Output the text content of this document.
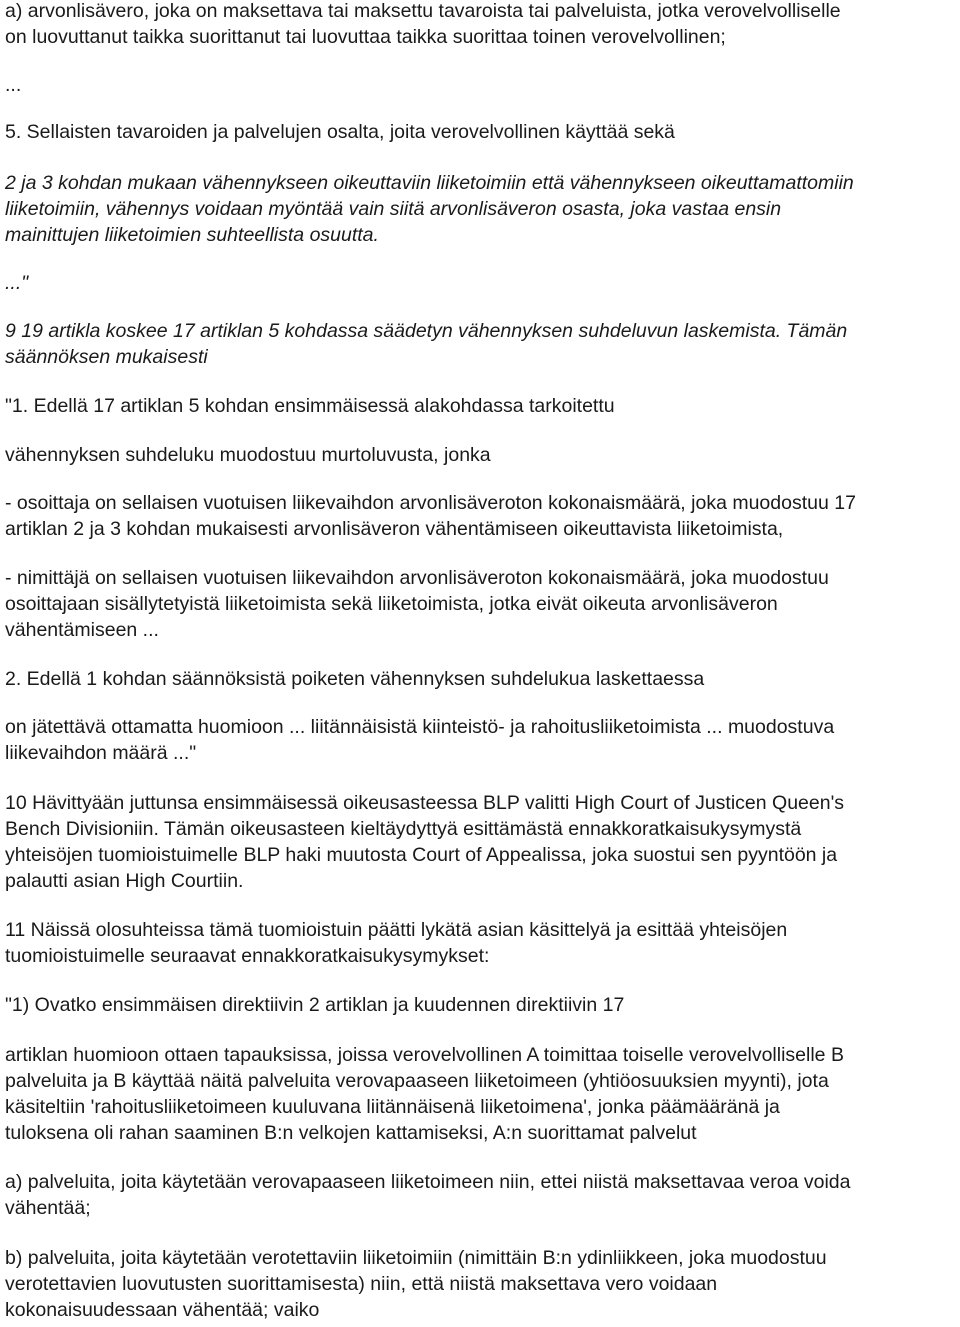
a) arvonlisävero, joka on maksettava tai maksettu tavaroista tai palveluista, jotka verovelvolliselle
on luovuttanut taikka suorittanut tai luovuttaa taikka suorittaa toinen verovelvollinen;
...
5. Sellaisten tavaroiden ja palvelujen osalta, joita verovelvollinen käyttää sekä
2 ja 3 kohdan mukaan vähennykseen oikeuttaviin liiketoimiin että vähennykseen oikeuttamattomiin
liiketoimiin, vähennys voidaan myöntää vain siitä arvonlisäveron osasta, joka vastaa ensin
mainittujen liiketoimien suhteellista osuutta.
..."
9 19 artikla koskee 17 artiklan 5 kohdassa säädetyn vähennyksen suhdeluvun laskemista. Tämän
säännöksen mukaisesti
"1. Edellä 17 artiklan 5 kohdan ensimmäisessä alakohdassa tarkoitettu
vähennyksen suhdeluku muodostuu murtoluvusta, jonka
- osoittaja on sellaisen vuotuisen liikevaihdon arvonlisäveroton kokonaismäärä, joka muodostuu 17
artiklan 2 ja 3 kohdan mukaisesti arvonlisäveron vähentämiseen oikeuttavista liiketoimista,
- nimittäjä on sellaisen vuotuisen liikevaihdon arvonlisäveroton kokonaismäärä, joka muodostuu
osoittajaan sisällytetyistä liiketoimista sekä liiketoimista, jotka eivät oikeuta arvonlisäveron
vähentämiseen ...
2. Edellä 1 kohdan säännöksistä poiketen vähennyksen suhdelukua laskettaessa
on jätettävä ottamatta huomioon ... liitännäisistä kiinteistö- ja rahoitusliiketoimista ... muodostuva
liikevaihdon määrä ..."
10 Hävittyään juttunsa ensimmäisessä oikeusasteessa BLP valitti High Court of Justicen Queen's
Bench Divisioniin. Tämän oikeusasteen kieltäydyttyä esittämästä ennakkoratkaisukysymystä
yhteisöjen tuomioistuimelle BLP haki muutosta Court of Appealissa, joka suostui sen pyyntöön ja
palautti asian High Courtiin.
11 Näissä olosuhteissa tämä tuomioistuin päätti lykätä asian käsittelyä ja esittää yhteisöjen
tuomioistuimelle seuraavat ennakkoratkaisukysymykset:
"1) Ovatko ensimmäisen direktiivin 2 artiklan ja kuudennen direktiivin 17
artiklan huomioon ottaen tapauksissa, joissa verovelvollinen A toimittaa toiselle verovelvolliselle B
palveluita ja B käyttää näitä palveluita verovapaaseen liiketoimeen (yhtiöosuuksien myynti), jota
käsiteltiin 'rahoitusliiketoimeen kuuluvana liitännäisenä liiketoimena', jonka päämääränä ja
tuloksena oli rahan saaminen B:n velkojen kattamiseksi, A:n suorittamat palvelut
a) palveluita, joita käytetään verovapaaseen liiketoimeen niin, ettei niistä maksettavaa veroa voida
vähentää;
b) palveluita, joita käytetään verotettaviin liiketoimiin (nimittäin B:n ydinliikkeen, joka muodostuu
verotettavien luovutusten suorittamisesta) niin, että niistä maksettava vero voidaan
kokonaisuudessaan vähentää; vaiko
